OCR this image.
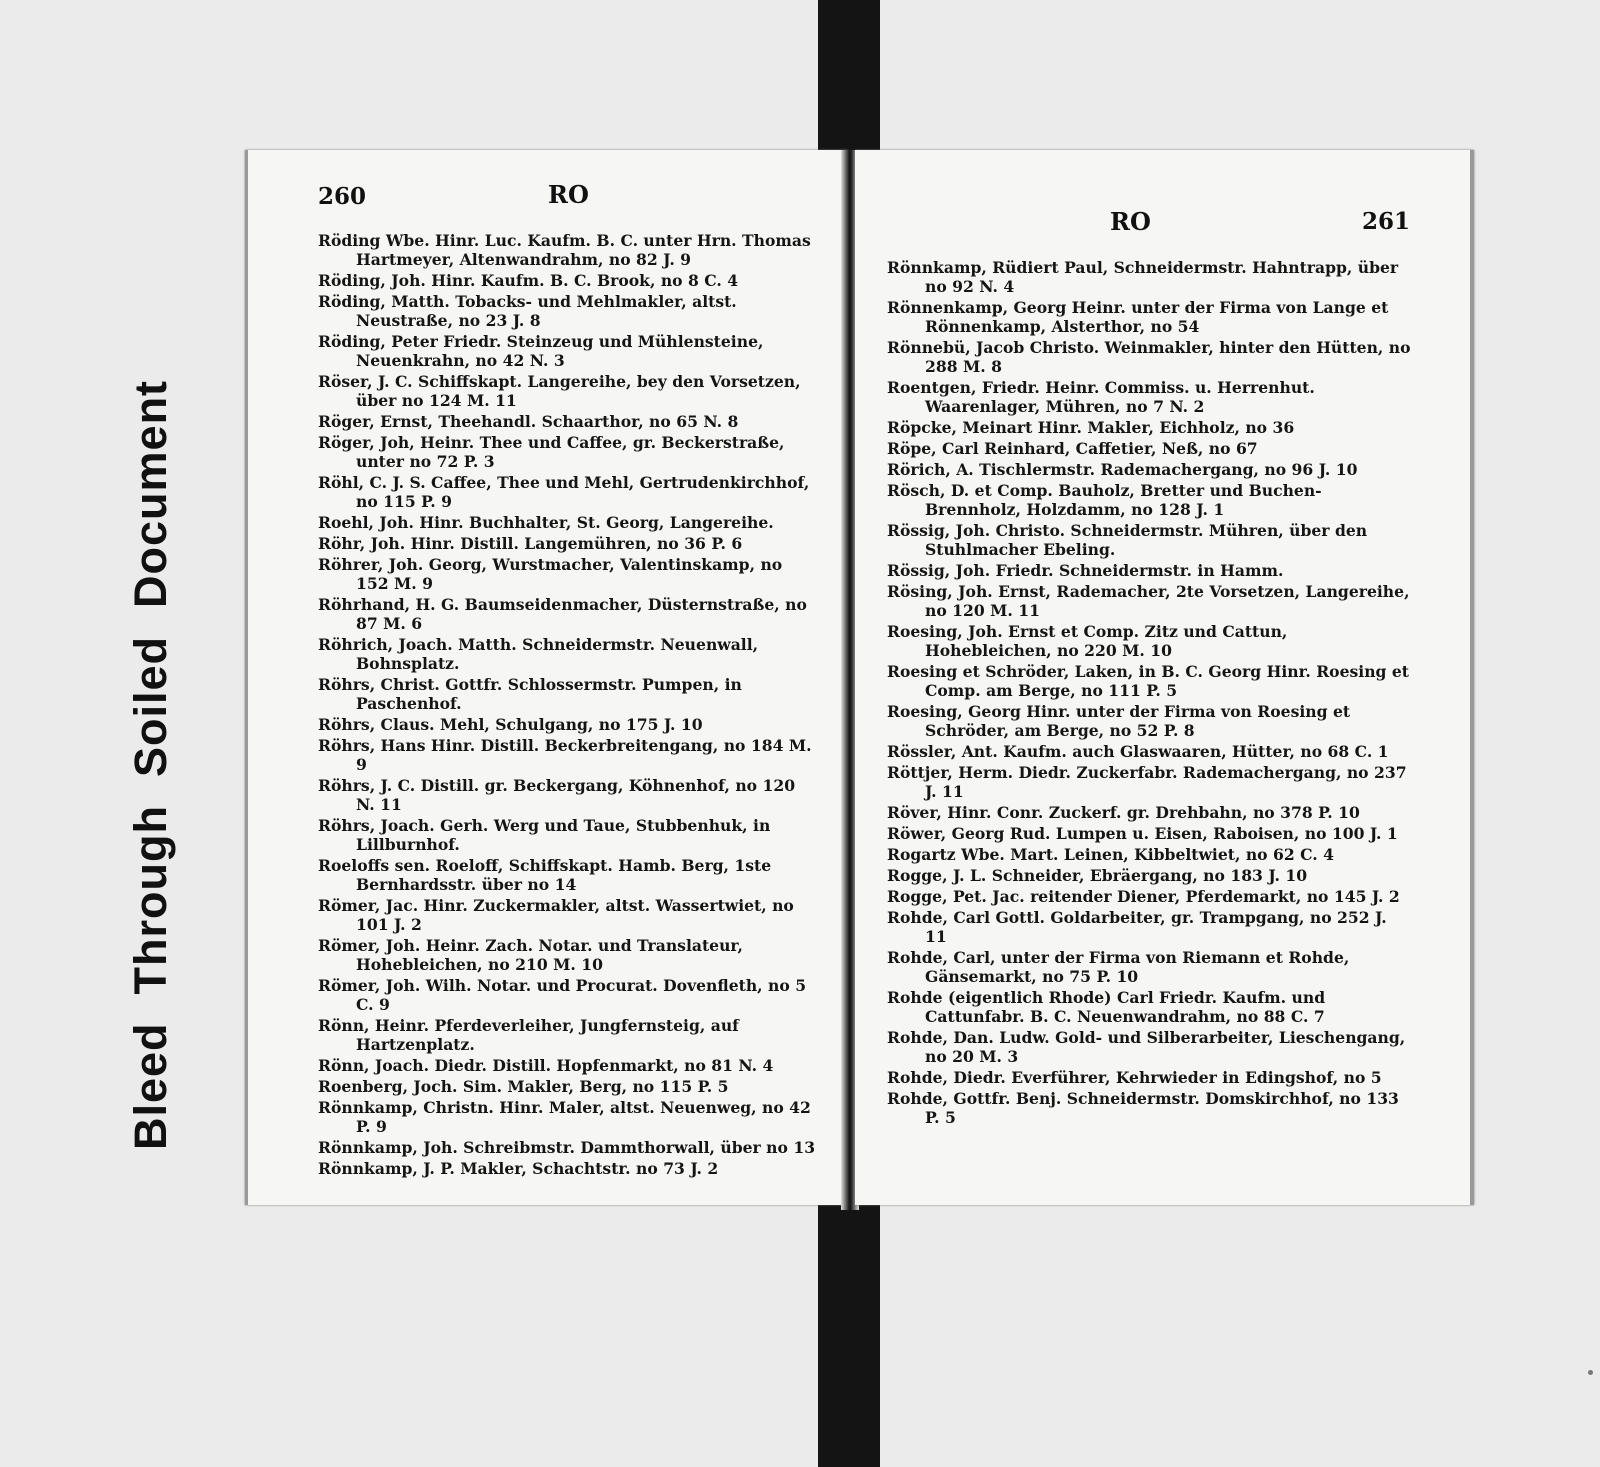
BleedThroughSoiledDocument
260	RO
Röding Wbe. Hinr. Luc. Kaufm. B. C. unter Hrn. Thomas Hartmeyer, Altenwandrahm, no 82 J. 9
Röding, Joh. Hinr. Kaufm. B. C. Brook, no 8 C. 4
Röding, Matth. Tobacks- und Mehlmakler, altst. Neustraße, no 23 J. 8
Röding, Peter Friedr. Steinzeug und Mühlensteine, Neuenkrahn, no 42 N. 3
Röser, J. C. Schiffskapt. Langereihe, bey den Vorsetzen, über no 124 M. 11
Röger, Ernst, Theehandl. Schaarthor, no 65 N. 8
Röger, Joh, Heinr. Thee und Caffee, gr. Beckerstraße, unter no 72 P. 3
Röhl, C. J. S. Caffee, Thee und Mehl, Gertrudenkirchhof, no 115 P. 9
Roehl, Joh. Hinr. Buchhalter, St. Georg, Langereihe.
Röhr, Joh. Hinr. Distill. Langemühren, no 36 P. 6
Röhrer, Joh. Georg, Wurstmacher, Valentinskamp, no 152 M. 9
Röhrhand, H. G. Baumseidenmacher, Düsternstraße, no 87 M. 6
Röhrich, Joach. Matth. Schneidermstr. Neuenwall, Bohnsplatz.
Röhrs, Christ. Gottfr. Schlossermstr. Pumpen, in Paschenhof.
Röhrs, Claus. Mehl, Schulgang, no 175 J. 10
Röhrs, Hans Hinr. Distill. Beckerbreitengang, no 184 M. 9
Röhrs, J. C. Distill. gr. Beckergang, Köhnenhof, no 120 N. 11
Röhrs, Joach. Gerh. Werg und Taue, Stubbenhuk, in Lillburnhof.
Roeloffs sen. Roeloff, Schiffskapt. Hamb. Berg, 1ste Bernhardsstr. über no 14
Römer, Jac. Hinr. Zuckermakler, altst. Wassertwiet, no 101 J. 2
Römer, Joh. Heinr. Zach. Notar. und Translateur, Hohebleichen, no 210 M. 10
Römer, Joh. Wilh. Notar. und Procurat. Dovenfleth, no 5 C. 9
Rönn, Heinr. Pferdeverleiher, Jungfernsteig, auf Hartzenplatz.
Rönn, Joach. Diedr. Distill. Hopfenmarkt, no 81 N. 4
Roenberg, Joch. Sim. Makler, Berg, no 115 P. 5
Rönnkamp, Christn. Hinr. Maler, altst. Neuenweg, no 42 P. 9
Rönnkamp, Joh. Schreibmstr. Dammthorwall, über no 13
Rönnkamp, J. P. Makler, Schachtstr. no 73 J. 2
RO	261
Rönnkamp, Rüdiert Paul, Schneidermstr. Hahntrapp, über no 92 N. 4
Rönnenkamp, Georg Heinr. unter der Firma von Lange et Rönnenkamp, Alsterthor, no 54
Rönnebü, Jacob Christo. Weinmakler, hinter den Hütten, no 288 M. 8
Roentgen, Friedr. Heinr. Commiss. u. Herrenhut. Waarenlager, Mühren, no 7 N. 2
Röpcke, Meinart Hinr. Makler, Eichholz, no 36
Röpe, Carl Reinhard, Caffetier, Neß, no 67
Rörich, A. Tischlermstr. Rademachergang, no 96 J. 10
Rösch, D. et Comp. Bauholz, Bretter und Buchen-Brennholz, Holzdamm, no 128 J. 1
Rössig, Joh. Christo. Schneidermstr. Mühren, über den Stuhlmacher Ebeling.
Rössig, Joh. Friedr. Schneidermstr. in Hamm.
Rösing, Joh. Ernst, Rademacher, 2te Vorsetzen, Langereihe, no 120 M. 11
Roesing, Joh. Ernst et Comp. Zitz und Cattun, Hohebleichen, no 220 M. 10
Roesing et Schröder, Laken, in B. C. Georg Hinr. Roesing et Comp. am Berge, no 111 P. 5
Roesing, Georg Hinr. unter der Firma von Roesing et Schröder, am Berge, no 52 P. 8
Rössler, Ant. Kaufm. auch Glaswaaren, Hütter, no 68 C. 1
Röttjer, Herm. Diedr. Zuckerfabr. Rademachergang, no 237 J. 11
Röver, Hinr. Conr. Zuckerf. gr. Drehbahn, no 378 P. 10
Röwer, Georg Rud. Lumpen u. Eisen, Raboisen, no 100 J. 1
Rogartz Wbe. Mart. Leinen, Kibbeltwiet, no 62 C. 4
Rogge, J. L. Schneider, Ebräergang, no 183 J. 10
Rogge, Pet. Jac. reitender Diener, Pferdemarkt, no 145 J. 2
Rohde, Carl Gottl. Goldarbeiter, gr. Trampgang, no 252 J. 11
Rohde, Carl, unter der Firma von Riemann et Rohde, Gänsemarkt, no 75 P. 10
Rohde (eigentlich Rhode) Carl Friedr. Kaufm. und Cattunfabr. B. C. Neuenwandrahm, no 88 C. 7
Rohde, Dan. Ludw. Gold- und Silberarbeiter, Lieschengang, no 20 M. 3
Rohde, Diedr. Everführer, Kehrwieder in Edingshof, no 5
Rohde, Gottfr. Benj. Schneidermstr. Domskirchhof, no 133 P. 5
